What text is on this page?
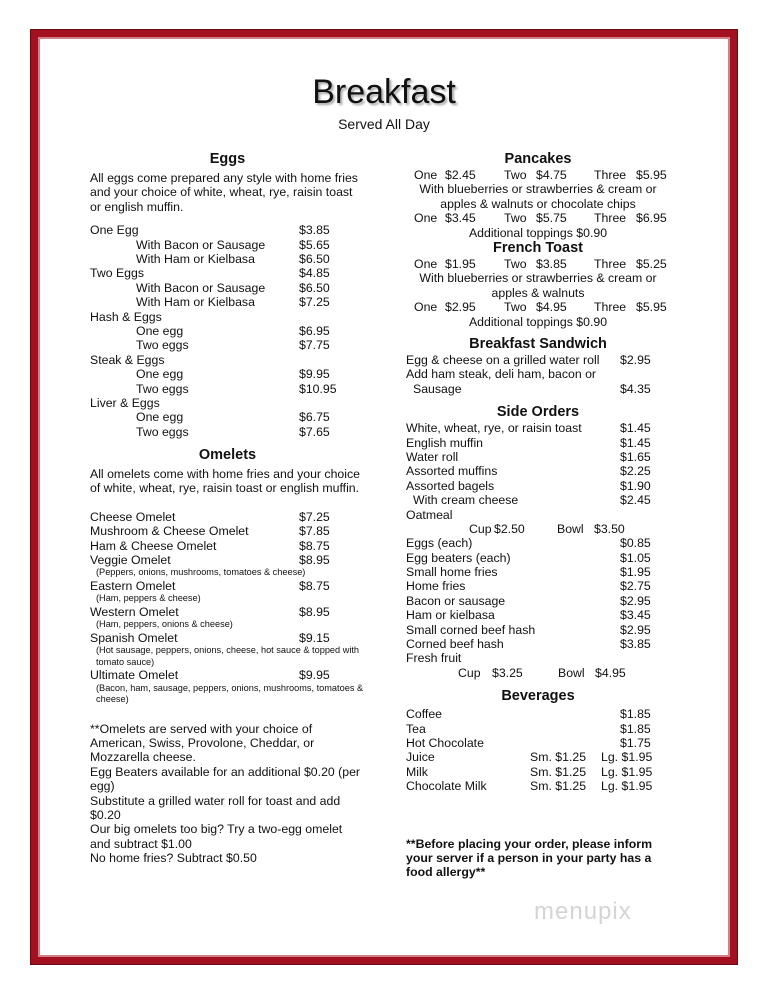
Breakfast
Served All Day
Eggs

All eggs come prepared any style with home fries and your choice of white, wheat, rye, raisin toast or english muffin.

One Egg	$3.85
With Bacon or Sausage	$5.65
With Ham or Kielbasa	$6.50
Two Eggs	$4.85
With Bacon or Sausage	$6.50
With Ham or Kielbasa	$7.25
Hash & Eggs
One egg	$6.95
Two eggs	$7.75
Steak & Eggs
One egg	$9.95
Two eggs	$10.95
Liver & Eggs
One egg	$6.75
Two eggs	$7.65
Omelets

All omelets come with home fries and your choice of white, wheat, rye, raisin toast or english muffin.

Cheese Omelet	$7.25
Mushroom & Cheese Omelet	$7.85
Ham & Cheese Omelet	$8.75
Veggie Omelet	$8.95
(Peppers, onions, mushrooms, tomatoes & cheese)
Eastern Omelet	$8.75
(Ham, peppers & cheese)
Western Omelet	$8.95
(Ham, peppers, onions & cheese)
Spanish Omelet	$9.15
(Hot sausage, peppers, onions, cheese, hot sauce & topped with tomato sauce)
Ultimate Omelet	$9.95
(Bacon, ham, sausage, peppers, onions, mushrooms, tomatoes & cheese)
**Omelets are served with your choice of American, Swiss, Provolone, Cheddar, or Mozzarella cheese.
Egg Beaters available for an additional $0.20 (per egg)
Substitute a grilled water roll for toast and add $0.20
Our big omelets too big? Try a two-egg omelet and subtract $1.00
No home fries? Subtract $0.50
Pancakes
One $2.45 Two $4.75 Three $5.95
With blueberries or strawberries & cream or
apples & walnuts or chocolate chips
One $3.45 Two $5.75 Three $6.95
Additional toppings $0.90
French Toast
One $1.95 Two $3.85 Three $5.25
With blueberries or strawberries & cream or
apples & walnuts
One $2.95 Two $4.95 Three $5.95
Additional toppings $0.90
Breakfast Sandwich
Egg & cheese on a grilled water roll $2.95
Add ham steak, deli ham, bacon or
Sausage	$4.35
Side Orders
White, wheat, rye, or raisin toast	$1.45
English muffin	$1.45
Water roll	$1.65
Assorted muffins	$2.25
Assorted bagels	$1.90
With cream cheese	$2.45
Oatmeal
Cup $2.50	Bowl $3.50
Eggs (each)	$0.85
Egg beaters (each)	$1.05
Small home fries	$1.95
Home fries	$2.75
Bacon or sausage	$2.95
Ham or kielbasa	$3.45
Small corned beef hash	$2.95
Corned beef hash	$3.85
Fresh fruit
Cup $3.25	Bowl $4.95
Beverages
Coffee	$1.85
Tea	$1.85
Hot Chocolate	$1.75
Juice	Sm. $1.25 Lg. $1.95
Milk	Sm. $1.25 Lg. $1.95
Chocolate Milk	Sm. $1.25 Lg. $1.95

**Before placing your order, please inform your server if a person in your party has a food allergy**

menupix
